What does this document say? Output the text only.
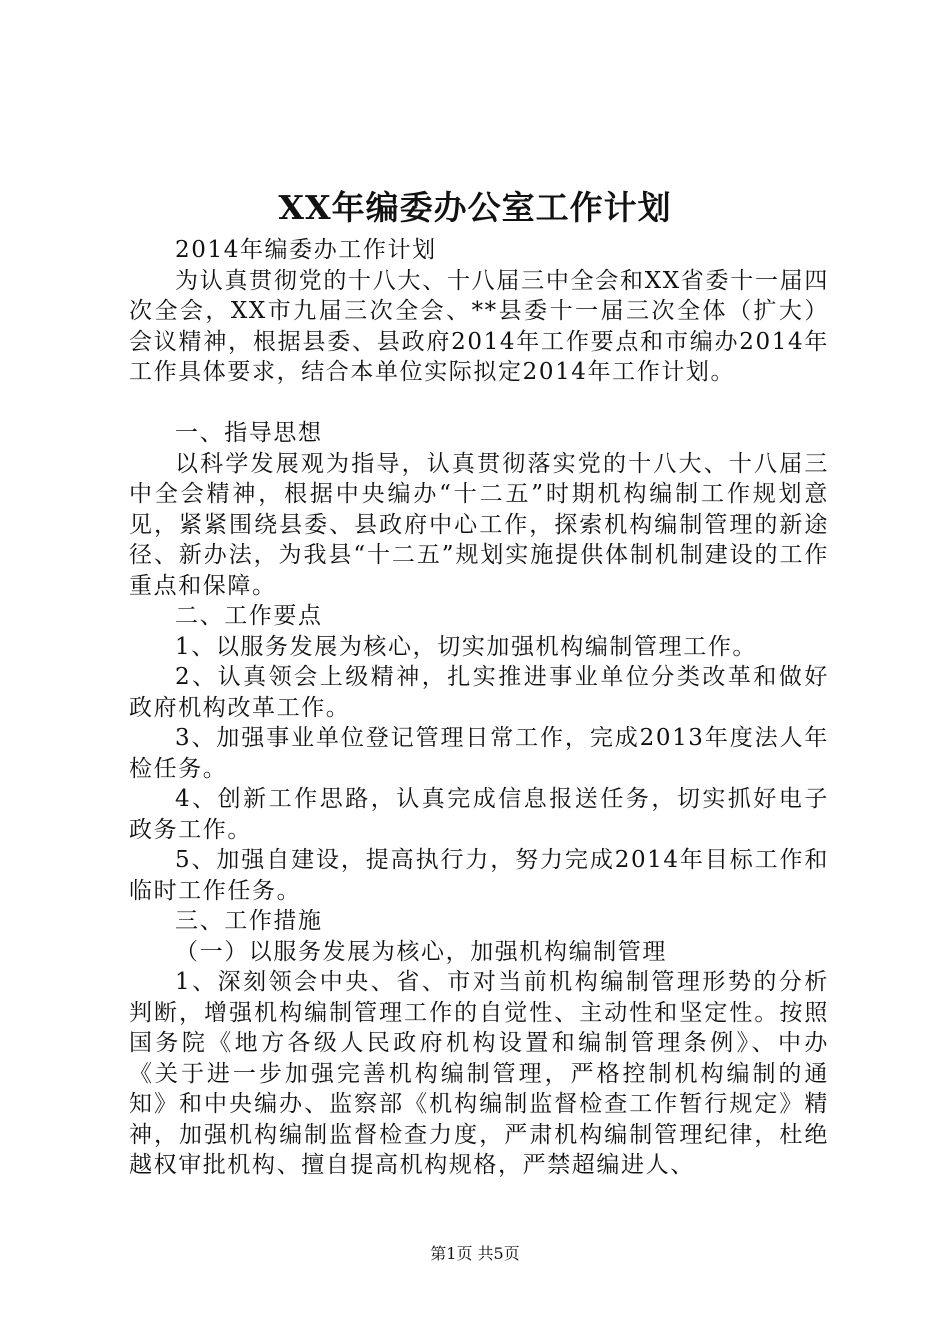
XX年编委办公室工作计划

2014年编委办工作计划

为认真贯彻党的十八大、十八届三中全会和XX省委十一届四次全会，XX市九届三次全会、**县委十一届三次全体（扩大）会议精神，根据县委、县政府2014年工作要点和市编办2014年工作具体要求，结合本单位实际拟定2014年工作计划。

一、指导思想

以科学发展观为指导，认真贯彻落实党的十八大、十八届三中全会精神，根据中央编办“十二五”时期机构编制工作规划意见，紧紧围绕县委、县政府中心工作，探索机构编制管理的新途径、新办法，为我县“十二五”规划实施提供体制机制建设的工作重点和保障。

二、工作要点

1、以服务发展为核心，切实加强机构编制管理工作。

2、认真领会上级精神，扎实推进事业单位分类改革和做好政府机构改革工作。

3、加强事业单位登记管理日常工作，完成2013年度法人年检任务。

4、创新工作思路，认真完成信息报送任务，切实抓好电子政务工作。

5、加强自建设，提高执行力，努力完成2014年目标工作和临时工作任务。

三、工作措施

（一）以服务发展为核心，加强机构编制管理

1、深刻领会中央、省、市对当前机构编制管理形势的分析判断，增强机构编制管理工作的自觉性、主动性和坚定性。按照国务院《地方各级人民政府机构设置和编制管理条例》、中办《关于进一步加强完善机构编制管理，严格控制机构编制的通知》和中央编办、监察部《机构编制监督检查工作暂行规定》精神，加强机构编制监督检查力度，严肃机构编制管理纪律，杜绝越权审批机构、擅自提高机构规格，严禁超编进人、

第1页 共5页
